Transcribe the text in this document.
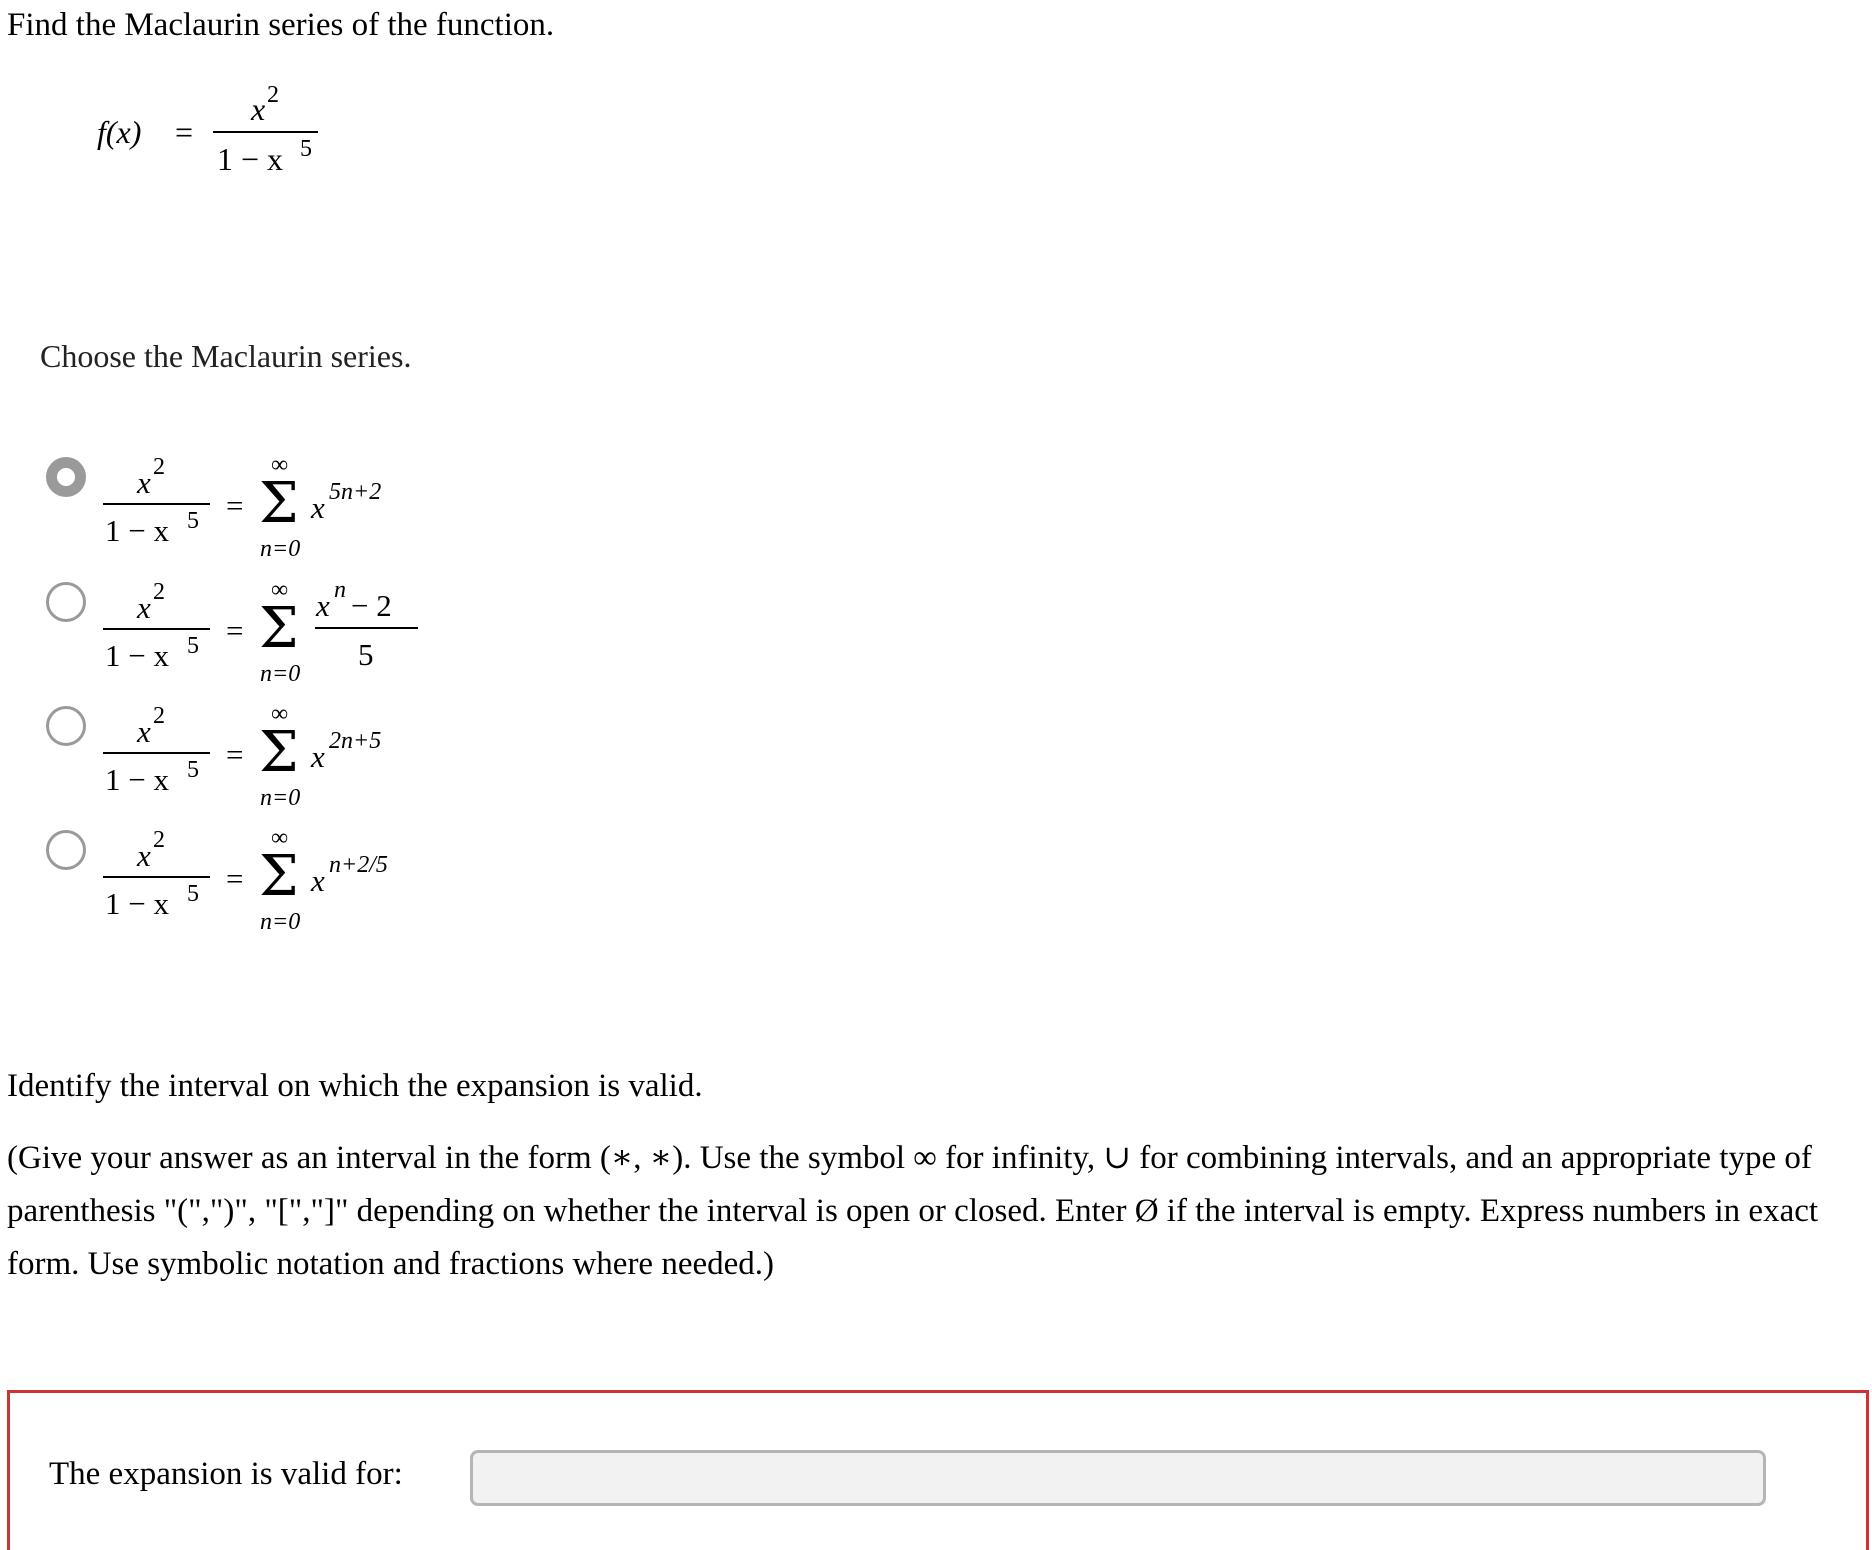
Find the Maclaurin series of the function.
f(x) =
x 2
1 − x 5
Choose the Maclaurin series.
x 2
1 − x 5 =
∞
Σ
n=0
x 5n+2
x 2
1 − x 5 =
∞
Σ
n=0
x n − 2
5
x 2
1 − x 5 =
∞
Σ
n=0
x 2n+5
x 2
1 − x 5 =
∞
Σ
n=0
x n+2/5
Identify the interval on which the expansion is valid.
(Give your answer as an interval in the form (∗, ∗). Use the symbol ∞ for infinity, ∪ for combining intervals, and an appropriate type of parenthesis "(",")", "[","]" depending on whether the interval is open or closed. Enter Ø if the interval is empty. Express numbers in exact form. Use symbolic notation and fractions where needed.)
The expansion is valid for:
